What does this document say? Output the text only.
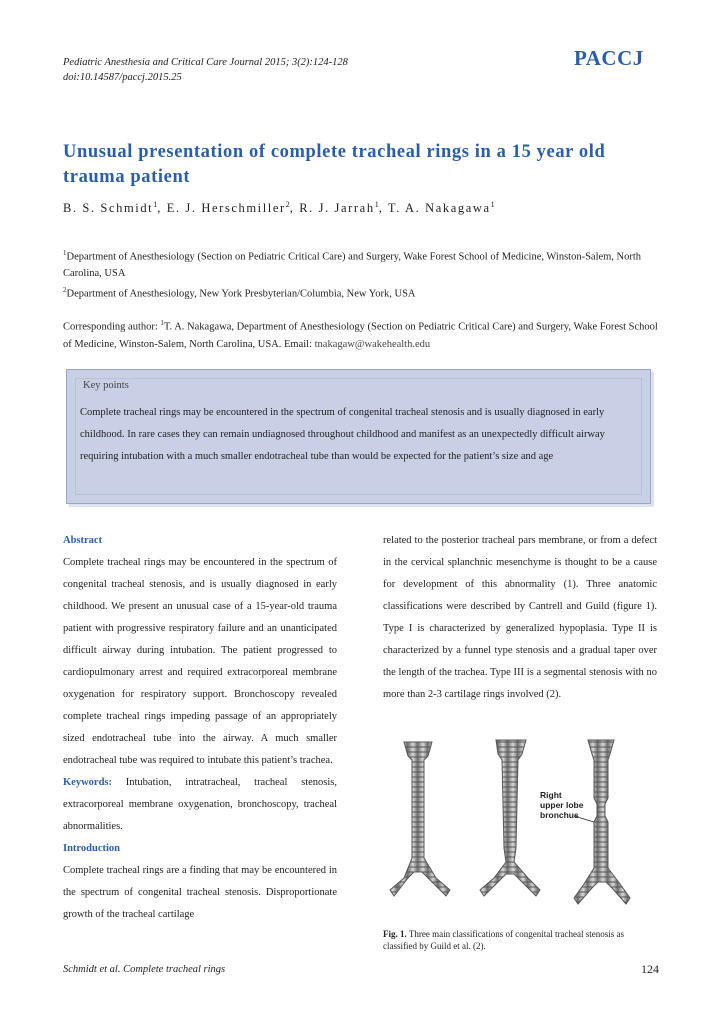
Pediatric Anesthesia and Critical Care Journal 2015; 3(2):124-128
doi:10.14587/paccj.2015.25
PACCJ
Unusual presentation of complete tracheal rings in a 15 year old trauma patient
B. S. Schmidt$^1$, E. J. Herschmiller$^2$, R. J. Jarrah$^1$, T. A. Nakagawa$^1$
$^1$Department of Anesthesiology (Section on Pediatric Critical Care) and Surgery, Wake Forest School of Medicine, Winston-Salem, North Carolina, USA
$^2$Department of Anesthesiology, New York Presbyterian/Columbia, New York, USA
Corresponding author: $^1$T. A. Nakagawa, Department of Anesthesiology (Section on Pediatric Critical Care) and Surgery, Wake Forest School of Medicine, Winston-Salem, North Carolina, USA. Email: tnakagaw@wakehealth.edu
Key points
Complete tracheal rings may be encountered in the spectrum of congenital tracheal stenosis and is usually diagnosed in early childhood. In rare cases they can remain undiagnosed throughout childhood and manifest as an unexpectedly difficult airway requiring intubation with a much smaller endotracheal tube than would be expected for the patient’s size and age
Abstract
Complete tracheal rings may be encountered in the spectrum of congenital tracheal stenosis, and is usually diagnosed in early childhood. We present an unusual case of a 15-year-old trauma patient with progressive respiratory failure and an unanticipated difficult airway during intubation. The patient progressed to cardiopulmonary arrest and required extracorporeal membrane oxygenation for respiratory support. Bronchoscopy revealed complete tracheal rings impeding passage of an appropriately sized endotracheal tube into the airway. A much smaller endotracheal tube was required to intubate this patient’s trachea.
Keywords: Intubation, intratracheal, tracheal stenosis, extracorporeal membrane oxygenation, bronchoscopy, tracheal abnormalities.
Introduction
Complete tracheal rings are a finding that may be encountered in the spectrum of congenital tracheal stenosis. Disproportionate growth of the tracheal cartilage
related to the posterior tracheal pars membrane, or from a defect in the cervical splanchnic mesenchyme is thought to be a cause for development of this abnormality (1). Three anatomic classifications were described by Cantrell and Guild (figure 1). Type I is characterized by generalized hypoplasia. Type II is characterized by a funnel type stenosis and a gradual taper over the length of the trachea. Type III is a segmental stenosis with no more than 2-3 cartilage rings involved (2).
Right
upper lobe
bronchus
Fig. 1. Three main classifications of congenital tracheal stenosis as classified by Guild et al. (2).
Schmidt et al. Complete tracheal rings	124
